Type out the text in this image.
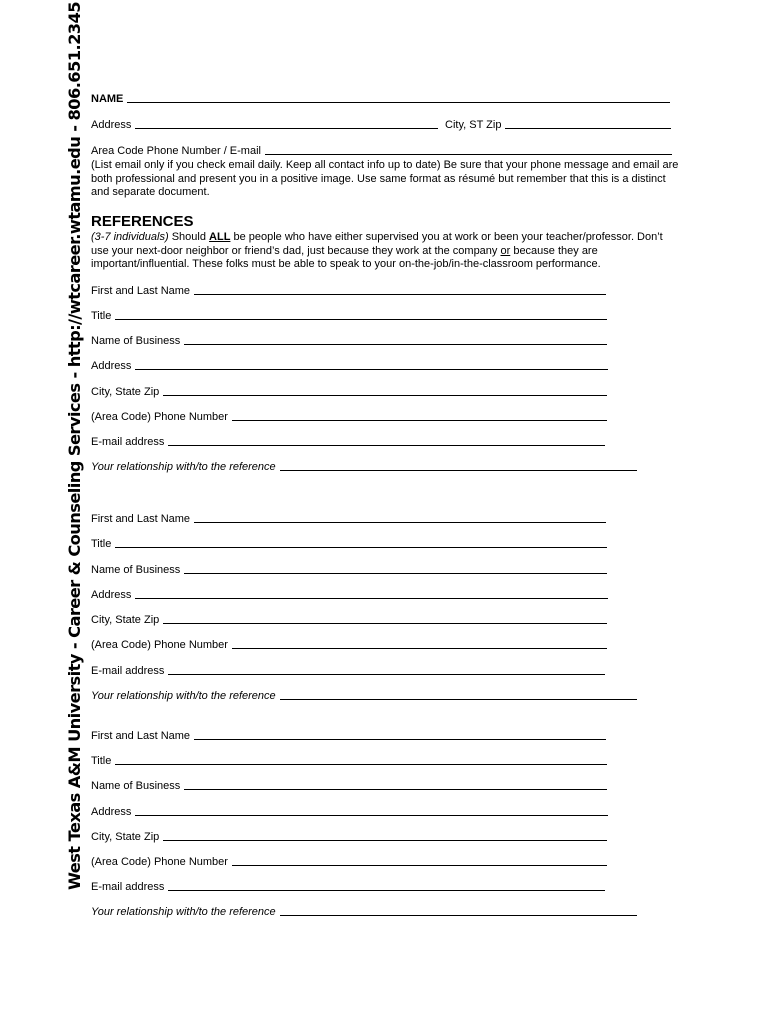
West Texas A&M University - Career & Counseling Services - http://wtcareer.wtamu.edu - 806.651.2345 NAME
Address	City, ST Zip
Area Code Phone Number / E-mail
(List email only if you check email daily. Keep all contact info up to date) Be sure that your phone message and email are both professional and present you in a positive image. Use same format as résumé but remember that this is a distinct and separate document.
REFERENCES
(3-7 individuals) Should ALL be people who have either supervised you at work or been your teacher/professor. Don’t use your next-door neighbor or friend’s dad, just because they work at the company or because they are important/influential. These folks must be able to speak to your on-the-job/in-the-classroom performance.
First and Last Name
Title
Name of Business
Address
City, State Zip
(Area Code) Phone Number
E-mail address
Your relationship with/to the reference
First and Last Name
Title
Name of Business
Address
City, State Zip
(Area Code) Phone Number
E-mail address
Your relationship with/to the reference
First and Last Name
Title
Name of Business
Address
City, State Zip
(Area Code) Phone Number
E-mail address
Your relationship with/to the reference
